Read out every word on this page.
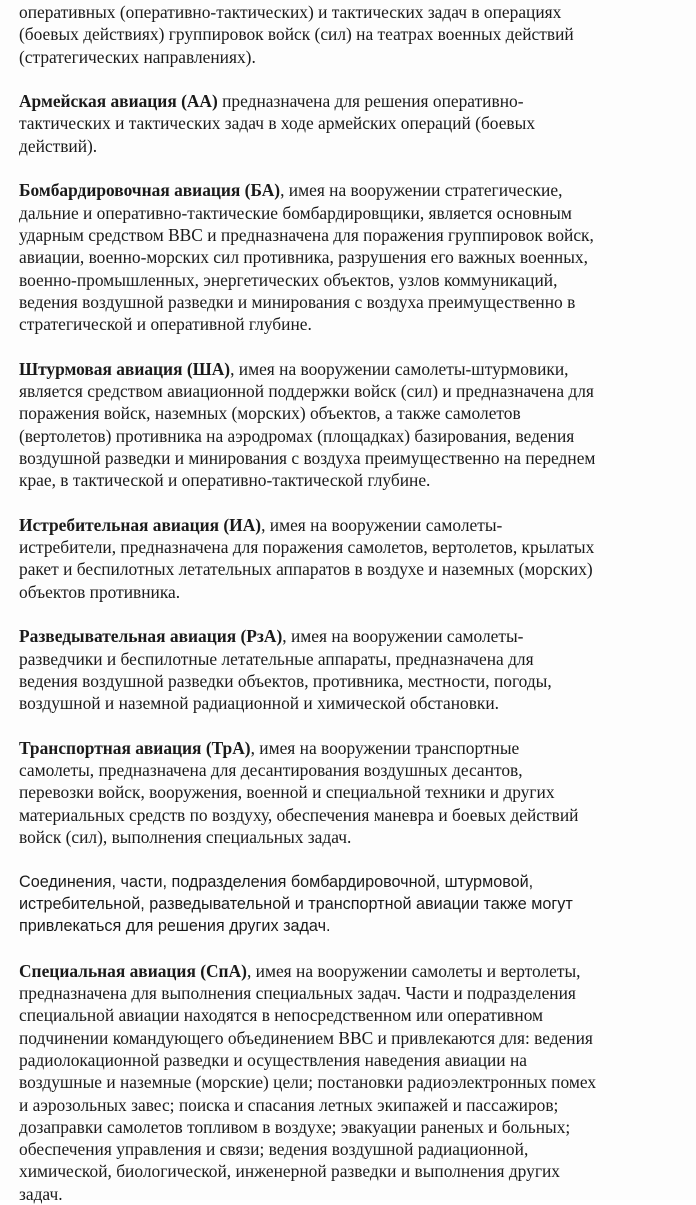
оперативных (оперативно-тактических) и тактических задач в операциях
(боевых действиях) группировок войск (сил) на театрах военных действий
(стратегических направлениях).

Армейская авиация (АА) предназначена для решения оперативно-
тактических и тактических задач в ходе армейских операций (боевых
действий).

Бомбардировочная авиация (БА), имея на вооружении стратегические,
дальние и оперативно-тактические бомбардировщики, является основным
ударным средством ВВС и предназначена для поражения группировок войск,
авиации, военно-морских сил противника, разрушения его важных военных,
военно-промышленных, энергетических объектов, узлов коммуникаций,
ведения воздушной разведки и минирования с воздуха преимущественно в
стратегической и оперативной глубине.

Штурмовая авиация (ША), имея на вооружении самолеты-штурмовики,
является средством авиационной поддержки войск (сил) и предназначена для
поражения войск, наземных (морских) объектов, а также самолетов
(вертолетов) противника на аэродромах (площадках) базирования, ведения
воздушной разведки и минирования с воздуха преимущественно на переднем
крае, в тактической и оперативно-тактической глубине.

Истребительная авиация (ИА), имея на вооружении самолеты-
истребители, предназначена для поражения самолетов, вертолетов, крылатых
ракет и беспилотных летательных аппаратов в воздухе и наземных (морских)
объектов противника.

Разведывательная авиация (РзА), имея на вооружении самолеты-
разведчики и беспилотные летательные аппараты, предназначена для
ведения воздушной разведки объектов, противника, местности, погоды,
воздушной и наземной радиационной и химической обстановки.

Транспортная авиация (ТрА), имея на вооружении транспортные
самолеты, предназначена для десантирования воздушных десантов,
перевозки войск, вооружения, военной и специальной техники и других
материальных средств по воздуху, обеспечения маневра и боевых действий
войск (сил), выполнения специальных задач.

Соединения, части, подразделения бомбардировочной, штурмовой,
истребительной, разведывательной и транспортной авиации также могут
привлекаться для решения других задач.

Специальная авиация (СпА), имея на вооружении самолеты и вертолеты,
предназначена для выполнения специальных задач. Части и подразделения
специальной авиации находятся в непосредственном или оперативном
подчинении командующего объединением ВВС и привлекаются для: ведения
радиолокационной разведки и осуществления наведения авиации на
воздушные и наземные (морские) цели; постановки радиоэлектронных помех
и аэрозольных завес; поиска и спасания летных экипажей и пассажиров;
дозаправки самолетов топливом в воздухе; эвакуации раненых и больных;
обеспечения управления и связи; ведения воздушной радиационной,
химической, биологической, инженерной разведки и выполнения других
задач.
